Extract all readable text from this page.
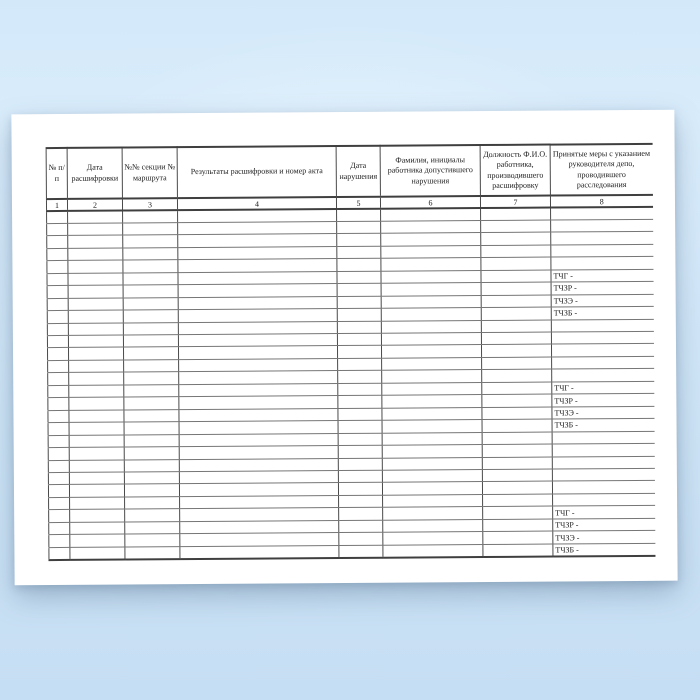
№ п/п	Дата расшифровки	№№ секции № маршрута	Результаты расшифровки и номер акта	Дата нарушения	Фамилия, инициалы работника допустившего нарушения	Должность Ф.И.О. работника, производившего расшифровку	Принятые меры с указанием руководителя депо, проводившего расследования
1	2	3	4	5	6	7	8

							ТЧГ -
							ТЧЗР -
							ТЧЗЭ -
							ТЧЗБ -

							ТЧГ -
							ТЧЗР -
							ТЧЗЭ -
							ТЧЗБ -

							ТЧГ -
							ТЧЗР -
							ТЧЗЭ -
							ТЧЗБ -
